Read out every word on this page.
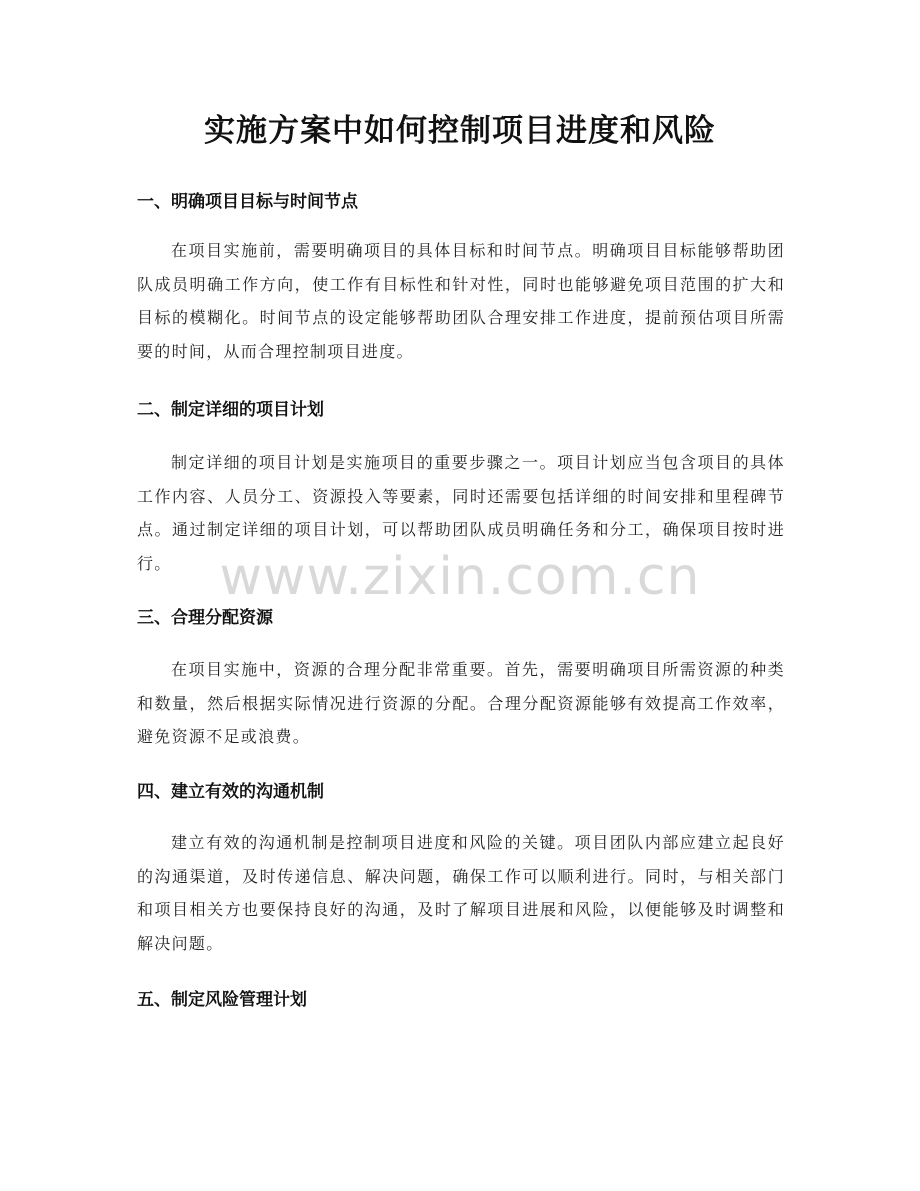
实施方案中如何控制项目进度和风险
一、明确项目目标与时间节点

在项目实施前，需要明确项目的具体目标和时间节点。明确项目目标能够帮助团队成员明确工作方向，使工作有目标性和针对性，同时也能够避免项目范围的扩大和目标的模糊化。时间节点的设定能够帮助团队合理安排工作进度，提前预估项目所需要的时间，从而合理控制项目进度。

二、制定详细的项目计划

制定详细的项目计划是实施项目的重要步骤之一。项目计划应当包含项目的具体工作内容、人员分工、资源投入等要素，同时还需要包括详细的时间安排和里程碑节点。通过制定详细的项目计划，可以帮助团队成员明确任务和分工，确保项目按时进行。

三、合理分配资源

在项目实施中，资源的合理分配非常重要。首先，需要明确项目所需资源的种类和数量，然后根据实际情况进行资源的分配。合理分配资源能够有效提高工作效率，避免资源不足或浪费。

四、建立有效的沟通机制

建立有效的沟通机制是控制项目进度和风险的关键。项目团队内部应建立起良好的沟通渠道，及时传递信息、解决问题，确保工作可以顺利进行。同时，与相关部门和项目相关方也要保持良好的沟通，及时了解项目进展和风险，以便能够及时调整和解决问题。

五、制定风险管理计划
www.zixin.com.cn
